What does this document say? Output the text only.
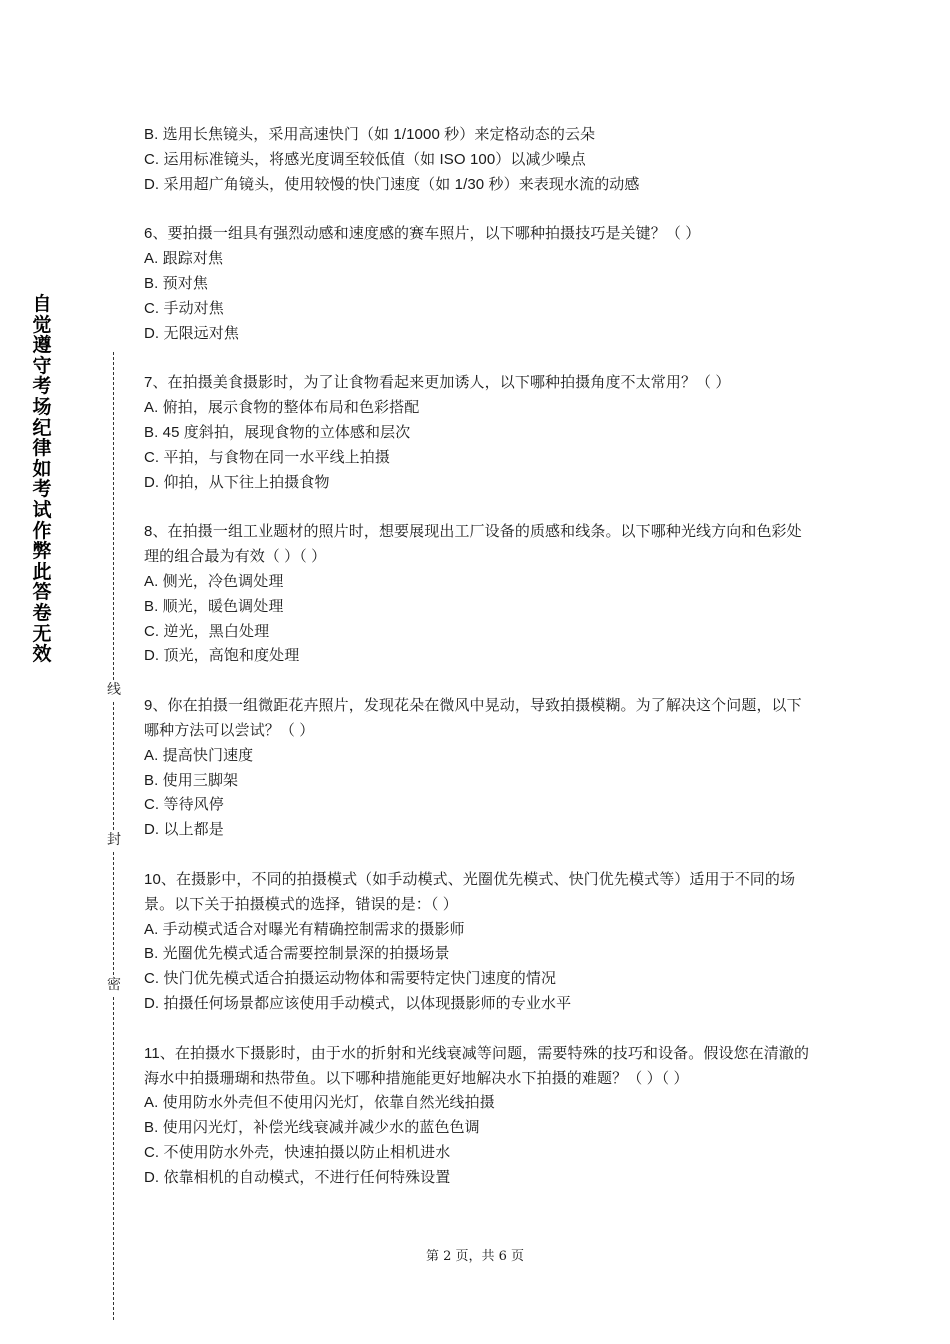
自觉遵守考场纪律如考试作弊此答卷无效
线
封
密
B. 选用长焦镜头，采用高速快门（如 1/1000 秒）来定格动态的云朵
C. 运用标准镜头，将感光度调至较低值（如 ISO 100）以减少噪点
D. 采用超广角镜头，使用较慢的快门速度（如 1/30 秒）来表现水流的动感
6、要拍摄一组具有强烈动感和速度感的赛车照片，以下哪种拍摄技巧是关键？（ ）
A. 跟踪对焦
B. 预对焦
C. 手动对焦
D. 无限远对焦
7、在拍摄美食摄影时，为了让食物看起来更加诱人，以下哪种拍摄角度不太常用？（ ）
A. 俯拍，展示食物的整体布局和色彩搭配
B. 45 度斜拍，展现食物的立体感和层次
C. 平拍，与食物在同一水平线上拍摄
D. 仰拍，从下往上拍摄食物
8、在拍摄一组工业题材的照片时，想要展现出工厂设备的质感和线条。以下哪种光线方向和色彩处理的组合最为有效（ ）（ ）
A. 侧光，冷色调处理
B. 顺光，暖色调处理
C. 逆光，黑白处理
D. 顶光，高饱和度处理
9、你在拍摄一组微距花卉照片，发现花朵在微风中晃动，导致拍摄模糊。为了解决这个问题，以下哪种方法可以尝试？（ ）
A. 提高快门速度
B. 使用三脚架
C. 等待风停
D. 以上都是
10、在摄影中，不同的拍摄模式（如手动模式、光圈优先模式、快门优先模式等）适用于不同的场景。以下关于拍摄模式的选择，错误的是：（ ）
A. 手动模式适合对曝光有精确控制需求的摄影师
B. 光圈优先模式适合需要控制景深的拍摄场景
C. 快门优先模式适合拍摄运动物体和需要特定快门速度的情况
D. 拍摄任何场景都应该使用手动模式，以体现摄影师的专业水平
11、在拍摄水下摄影时，由于水的折射和光线衰减等问题，需要特殊的技巧和设备。假设您在清澈的海水中拍摄珊瑚和热带鱼。以下哪种措施能更好地解决水下拍摄的难题？（ ）（ ）
A. 使用防水外壳但不使用闪光灯，依靠自然光线拍摄
B. 使用闪光灯，补偿光线衰减并减少水的蓝色色调
C. 不使用防水外壳，快速拍摄以防止相机进水
D. 依靠相机的自动模式，不进行任何特殊设置
第 2 页，共 6 页
